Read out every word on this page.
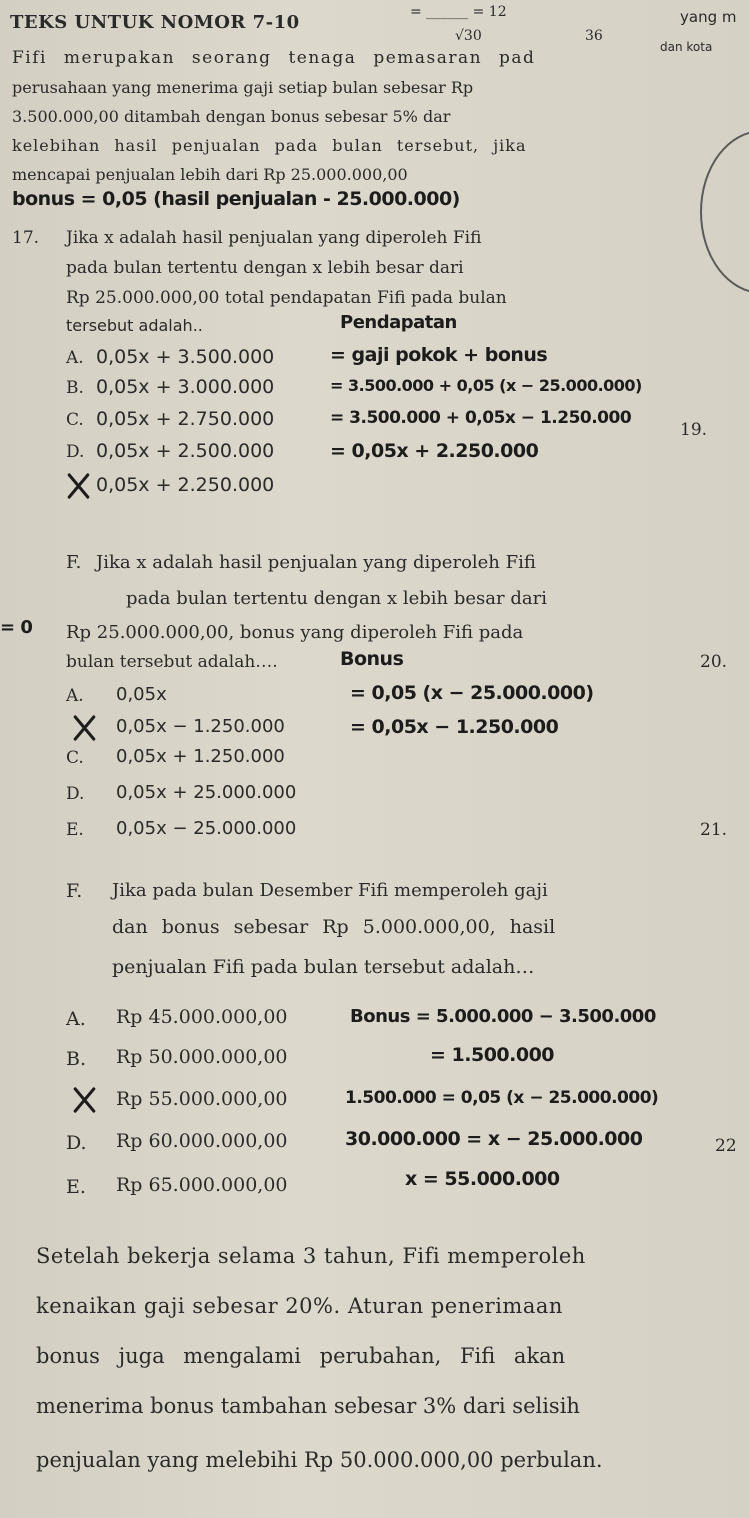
TEKS UNTUK NOMOR 7-10	= ______ = 12
√30	36
yang m
dan kota
Fifi merupakan seorang tenaga pemasaran pad
perusahaan yang menerima gaji setiap bulan sebesar Rp
3.500.000,00 ditambah dengan bonus sebesar 5% dar
kelebihan hasil penjualan pada bulan tersebut, jika
mencapai penjualan lebih dari Rp 25.000.000,00
bonus = 0,05 (hasil penjualan - 25.000.000)
17. Jika x adalah hasil penjualan yang diperoleh Fifi
pada bulan tertentu dengan x lebih besar dari
Rp 25.000.000,00 total pendapatan Fifi pada bulan
tersebut adalah..	Pendapatan
A. 0,05x + 3.500.000	= gaji pokok + bonus
B. 0,05x + 3.000.000	= 3.500.000 + 0,05 (x − 25.000.000)
C. 0,05x + 2.750.000	= 3.500.000 + 0,05x − 1.250.000
19.
D. 0,05x + 2.500.000	= 0,05x + 2.250.000
0,05x + 2.250.000
F. Jika x adalah hasil penjualan yang diperoleh Fifi
pada bulan tertentu dengan x lebih besar dari
= 0 Rp 25.000.000,00, bonus yang diperoleh Fifi pada
bulan tersebut adalah….	Bonus	20.
A. 0,05x	= 0,05 (x − 25.000.000)
0,05x − 1.250.000	= 0,05x − 1.250.000
C. 0,05x + 1.250.000
D. 0,05x + 25.000.000
E. 0,05x − 25.000.000	21.
F. Jika pada bulan Desember Fifi memperoleh gaji
dan bonus sebesar Rp 5.000.000,00, hasil
penjualan Fifi pada bulan tersebut adalah…
A. Rp 45.000.000,00	Bonus = 5.000.000 − 3.500.000
B. Rp 50.000.000,00	= 1.500.000
Rp 55.000.000,00	1.500.000 = 0,05 (x − 25.000.000)
D. Rp 60.000.000,00	30.000.000 = x − 25.000.000	22
E. Rp 65.000.000,00	x = 55.000.000
Setelah bekerja selama 3 tahun, Fifi memperoleh
kenaikan gaji sebesar 20%. Aturan penerimaan
bonus juga mengalami perubahan, Fifi akan
menerima bonus tambahan sebesar 3% dari selisih
penjualan yang melebihi Rp 50.000.000,00 perbulan.
